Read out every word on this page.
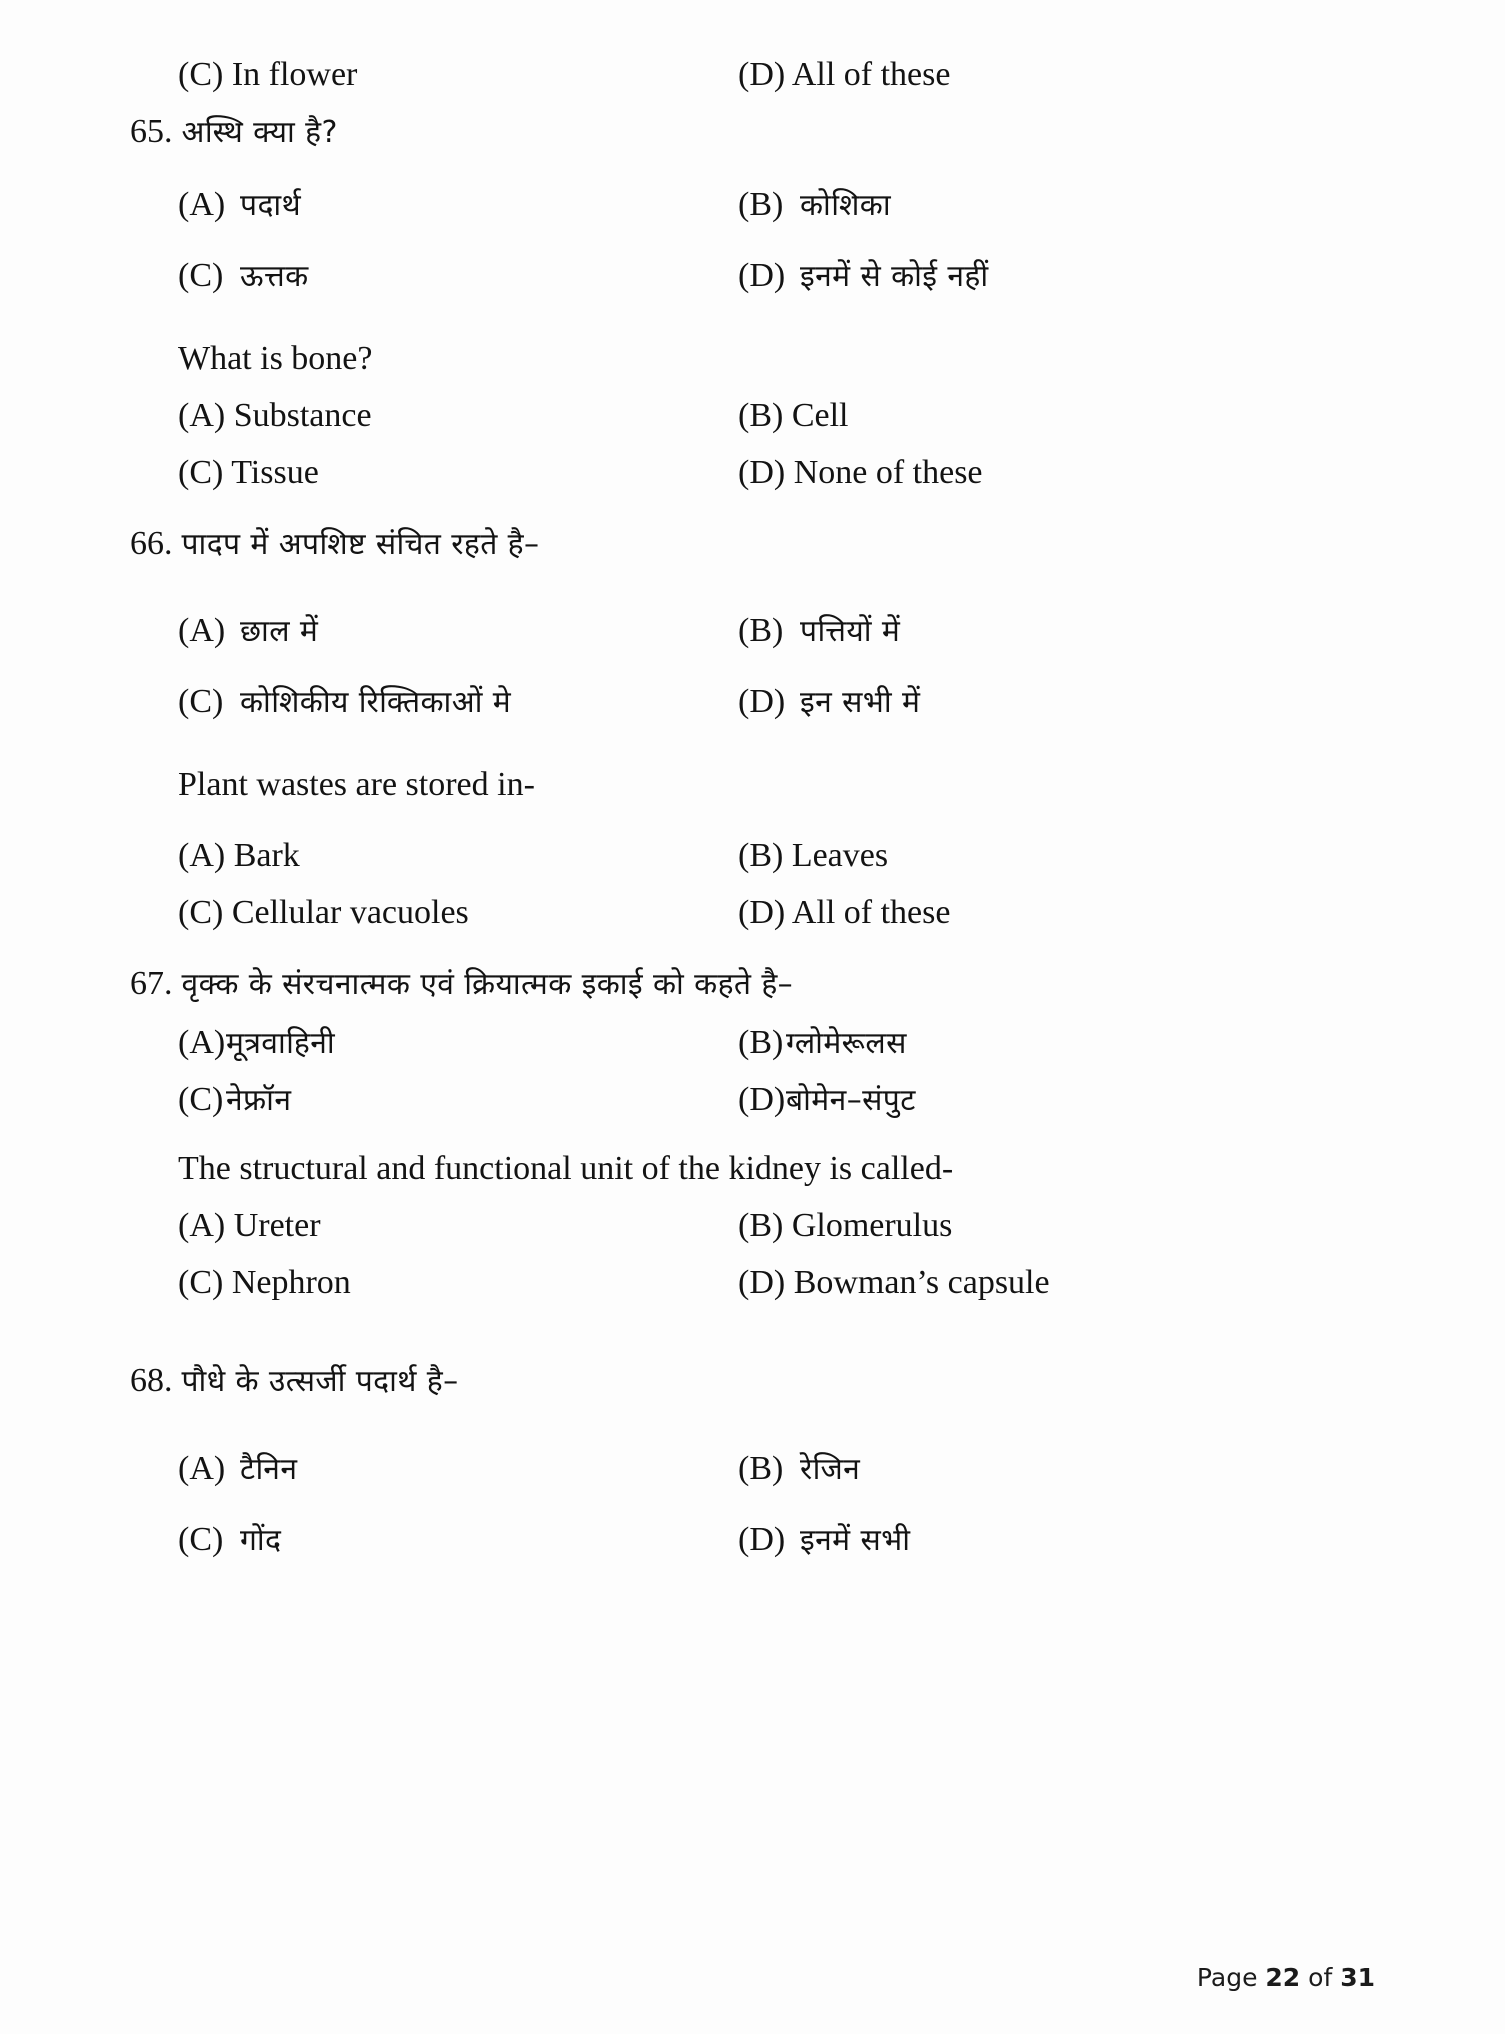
(C) In flower	(D) All of these
65. अस्थि क्या है?
(A) पदार्थ	(B) कोशिका
(C) ऊत्तक	(D) इनमें से कोई नहीं
What is bone?
(A) Substance	(B) Cell
(C) Tissue	(D) None of these
66. पादप में अपशिष्ट संचित रहते है–
(A) छाल में	(B) पत्तियों में
(C) कोशिकीय रिक्तिकाओं मे	(D) इन सभी में
Plant wastes are stored in-
(A) Bark	(B) Leaves
(C) Cellular vacuoles	(D) All of these
67. वृक्क के संरचनात्मक एवं क्रियात्मक इकाई को कहते है–
(A) मूत्रवाहिनी	(B) ग्लोमेरूलस
(C) नेफ्रॉन	(D) बोमेन–संपुट
The structural and functional unit of the kidney is called-
(A) Ureter	(B) Glomerulus
(C) Nephron	(D) Bowman’s capsule
68. पौधे के उत्सर्जी पदार्थ है–
(A) टैनिन	(B) रेजिन
(C) गोंद	(D) इनमें सभी
Page 22 of 31
